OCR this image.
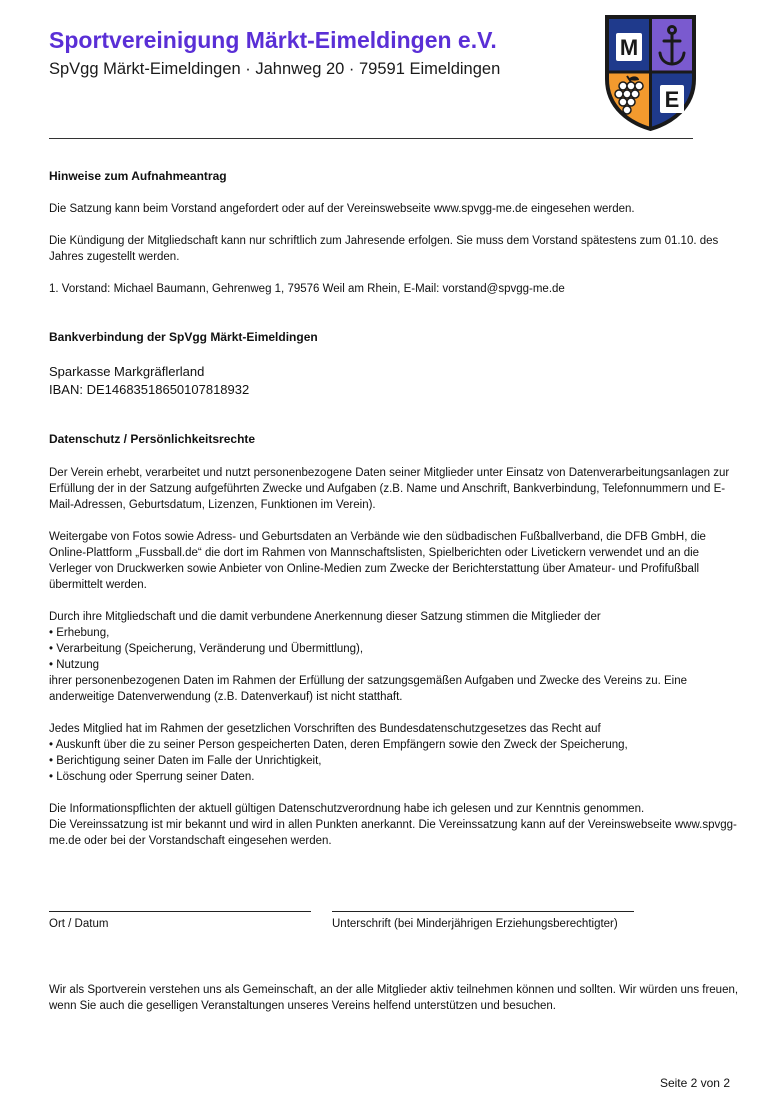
Sportvereinigung Märkt-Eimeldingen e.V.
SpVgg Märkt-Eimeldingen · Jahnweg 20 · 79591 Eimeldingen
M
E

Hinweise zum Aufnahmeantrag

Die Satzung kann beim Vorstand angefordert oder auf der Vereinswebseite www.spvgg-me.de eingesehen werden.

Die Kündigung der Mitgliedschaft kann nur schriftlich zum Jahresende erfolgen. Sie muss dem Vorstand spätestens zum 01.10. des Jahres zugestellt werden.

1. Vorstand: Michael Baumann, Gehrenweg 1, 79576 Weil am Rhein, E-Mail: vorstand@spvgg-me.de

Bankverbindung der SpVgg Märkt-Eimeldingen

Sparkasse Markgräflerland
IBAN: DE14683518650107818932

Datenschutz / Persönlichkeitsrechte

Der Verein erhebt, verarbeitet und nutzt personenbezogene Daten seiner Mitglieder unter Einsatz von Datenverarbeitungsanlagen zur Erfüllung der in der Satzung aufgeführten Zwecke und Aufgaben (z.B. Name und Anschrift, Bankverbindung, Telefonnummern und E-Mail-Adressen, Geburtsdatum, Lizenzen, Funktionen im Verein).

Weitergabe von Fotos sowie Adress- und Geburtsdaten an Verbände wie den südbadischen Fußballverband, die DFB GmbH, die Online-Plattform „Fussball.de“ die dort im Rahmen von Mannschaftslisten, Spielberichten oder Livetickern verwendet und an die Verleger von Druckwerken sowie Anbieter von Online-Medien zum Zwecke der Berichterstattung über Amateur- und Profifußball übermittelt werden.

Durch ihre Mitgliedschaft und die damit verbundene Anerkennung dieser Satzung stimmen die Mitglieder der
• Erhebung,
• Verarbeitung (Speicherung, Veränderung und Übermittlung),
• Nutzung
ihrer personenbezogenen Daten im Rahmen der Erfüllung der satzungsgemäßen Aufgaben und Zwecke des Vereins zu. Eine anderweitige Datenverwendung (z.B. Datenverkauf) ist nicht statthaft.
Jedes Mitglied hat im Rahmen der gesetzlichen Vorschriften des Bundesdatenschutzgesetzes das Recht auf
• Auskunft über die zu seiner Person gespeicherten Daten, deren Empfängern sowie den Zweck der Speicherung,
• Berichtigung seiner Daten im Falle der Unrichtigkeit,
• Löschung oder Sperrung seiner Daten.
Die Informationspflichten der aktuell gültigen Datenschutzverordnung habe ich gelesen und zur Kenntnis genommen.
Die Vereinssatzung ist mir bekannt und wird in allen Punkten anerkannt. Die Vereinssatzung kann auf der Vereinswebseite www.spvgg-me.de oder bei der Vorstandschaft eingesehen werden.
Ort / Datum	Unterschrift (bei Minderjährigen Erziehungsberechtigter)

Wir als Sportverein verstehen uns als Gemeinschaft, an der alle Mitglieder aktiv teilnehmen können und sollten. Wir würden uns freuen, wenn Sie auch die geselligen Veranstaltungen unseres Vereins helfend unterstützen und besuchen.

Seite 2 von 2
